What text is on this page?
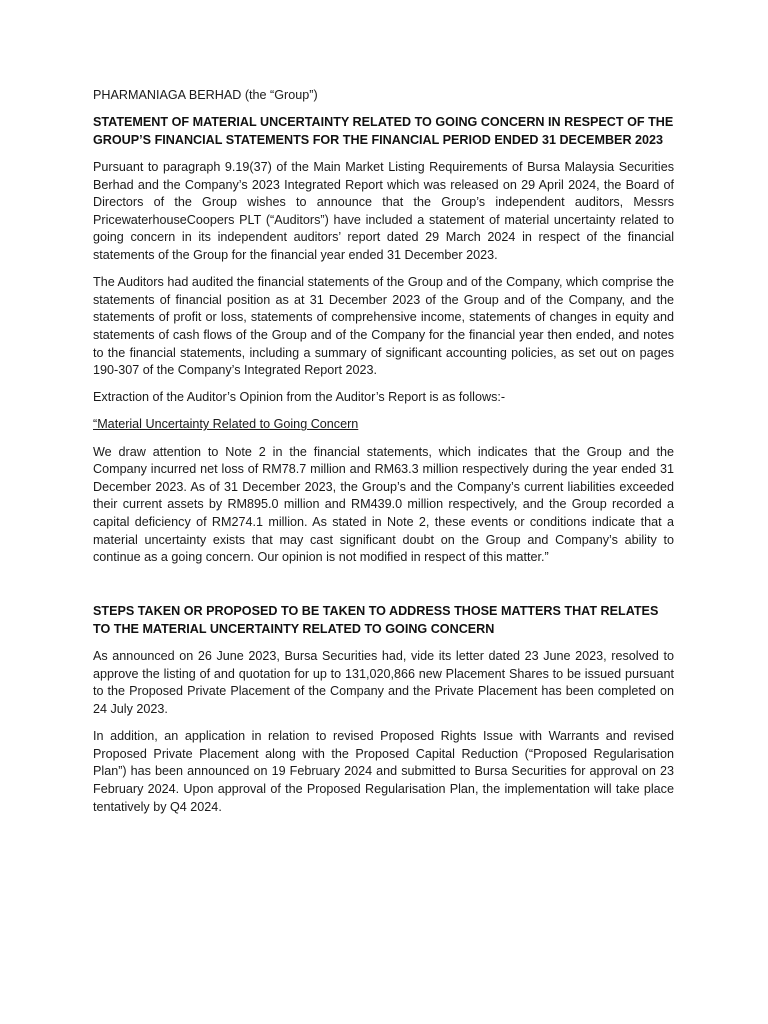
PHARMANIAGA BERHAD (the “Group”)

STATEMENT OF MATERIAL UNCERTAINTY RELATED TO GOING CONCERN IN RESPECT OF THE GROUP’S FINANCIAL STATEMENTS FOR THE FINANCIAL PERIOD ENDED 31 DECEMBER 2023

Pursuant to paragraph 9.19(37) of the Main Market Listing Requirements of Bursa Malaysia Securities Berhad and the Company’s 2023 Integrated Report which was released on 29 April 2024, the Board of Directors of the Group wishes to announce that the Group’s independent auditors, Messrs PricewaterhouseCoopers PLT (“Auditors”) have included a statement of material uncertainty related to going concern in its independent auditors’ report dated 29 March 2024 in respect of the financial statements of the Group for the financial year ended 31 December 2023.

The Auditors had audited the financial statements of the Group and of the Company, which comprise the statements of financial position as at 31 December 2023 of the Group and of the Company, and the statements of profit or loss, statements of comprehensive income, statements of changes in equity and statements of cash flows of the Group and of the Company for the financial year then ended, and notes to the financial statements, including a summary of significant accounting policies, as set out on pages 190-307 of the Company’s Integrated Report 2023.

Extraction of the Auditor’s Opinion from the Auditor’s Report is as follows:-

“Material Uncertainty Related to Going Concern

We draw attention to Note 2 in the financial statements, which indicates that the Group and the Company incurred net loss of RM78.7 million and RM63.3 million respectively during the year ended 31 December 2023. As of 31 December 2023, the Group’s and the Company’s current liabilities exceeded their current assets by RM895.0 million and RM439.0 million respectively, and the Group recorded a capital deficiency of RM274.1 million. As stated in Note 2, these events or conditions indicate that a material uncertainty exists that may cast significant doubt on the Group and Company’s ability to continue as a going concern. Our opinion is not modified in respect of this matter.”

STEPS TAKEN OR PROPOSED TO BE TAKEN TO ADDRESS THOSE MATTERS THAT RELATES TO THE MATERIAL UNCERTAINTY RELATED TO GOING CONCERN

As announced on 26 June 2023, Bursa Securities had, vide its letter dated 23 June 2023, resolved to approve the listing of and quotation for up to 131,020,866 new Placement Shares to be issued pursuant to the Proposed Private Placement of the Company and the Private Placement has been completed on 24 July 2023.

In addition, an application in relation to revised Proposed Rights Issue with Warrants and revised Proposed Private Placement along with the Proposed Capital Reduction (“Proposed Regularisation Plan”) has been announced on 19 February 2024 and submitted to Bursa Securities for approval on 23 February 2024. Upon approval of the Proposed Regularisation Plan, the implementation will take place tentatively by Q4 2024.
